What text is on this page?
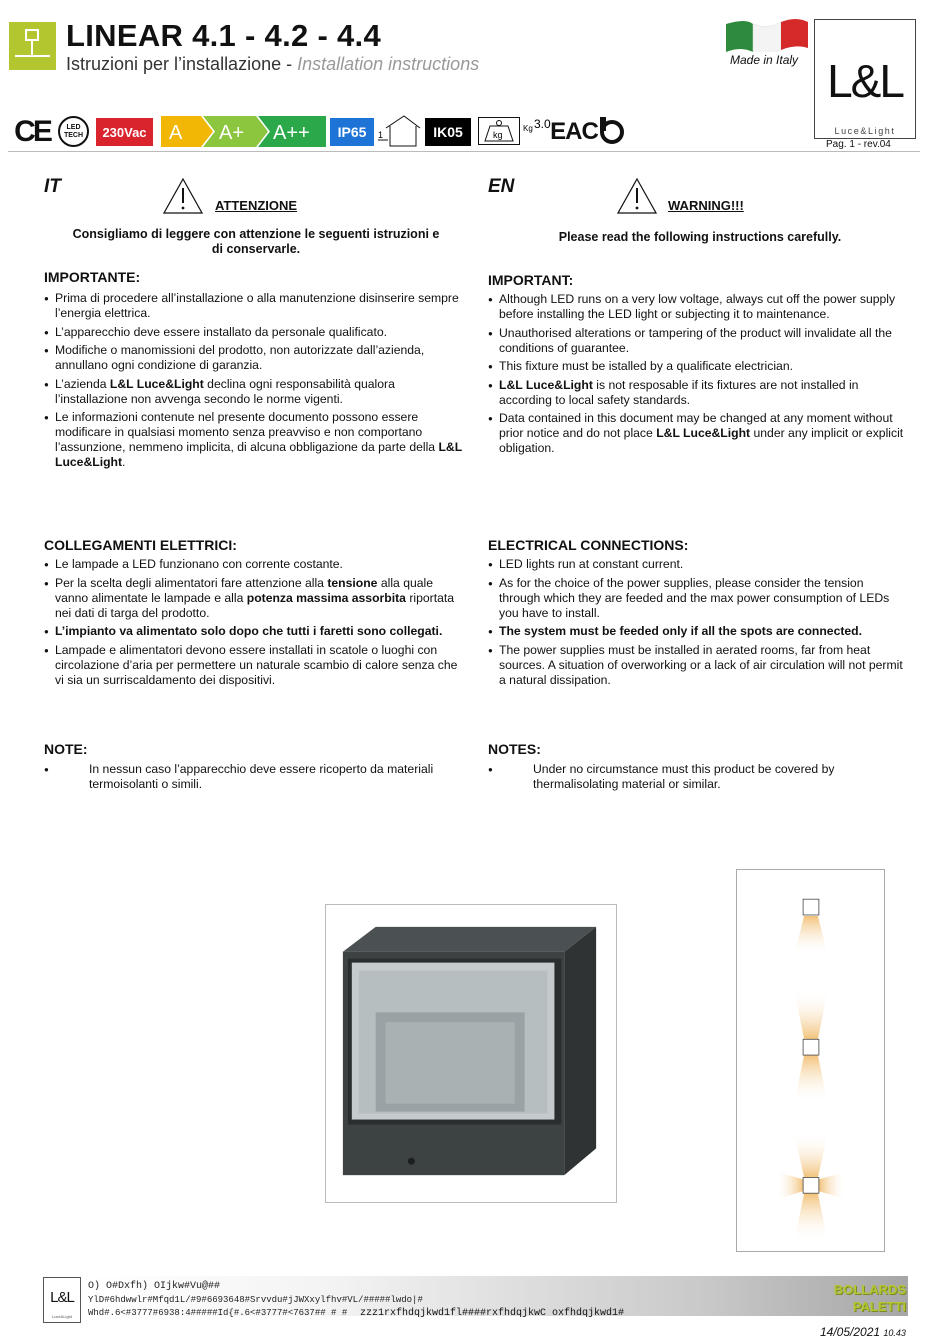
LINEAR 4.1 - 4.2 - 4.4
Istruzioni per l’installazione - Installation instructions	Made in Italy L&L
Luce&Light
Pag. 1 - rev.04
CE	LED
TECH	230Vac	A A+ A++	IP65	1	IK05	kg
Kg 3.0 EAC
IT
ATTENZIONE
Consigliamo di leggere con attenzione le seguenti istruzioni e di conservarle.
IMPORTANTE:
● Prima di procedere all’installazione o alla manutenzione disinserire sempre l’energia elettrica.
● L’apparecchio deve essere installato da personale qualificato.
● Modifiche o manomissioni del prodotto, non autorizzate dall’azienda, annullano ogni condizione di garanzia.
● L’azienda L&L Luce&Light declina ogni responsabilità qualora l’installazione non avvenga secondo le norme vigenti.
● Le informazioni contenute nel presente documento possono essere modificare in qualsiasi momento senza preavviso e non comportano l’assunzione, nemmeno implicita, di alcuna obbligazione da parte della L&L Luce&Light.
COLLEGAMENTI ELETTRICI:
● Le lampade a LED funzionano con corrente costante.
● Per la scelta degli alimentatori fare attenzione alla tensione alla quale vanno alimentate le lampade e alla potenza massima assorbita riportata nei dati di targa del prodotto.
● L’impianto va alimentato solo dopo che tutti i faretti sono collegati.
● Lampade e alimentatori devono essere installati in scatole o luoghi con circolazione d’aria per permettere un naturale scambio di calore senza che vi sia un surriscaldamento dei dispositivi.
NOTE:
● In nessun caso l’apparecchio deve essere ricoperto da materiali termoisolanti o simili.
EN
WARNING!!!
Please read the following instructions carefully.
IMPORTANT:
● Although LED runs on a very low voltage, always cut off the power supply before installing the LED light or subjecting it to maintenance.
● Unauthorised alterations or tampering of the product will invalidate all the conditions of guarantee.
● This fixture must be istalled by a qualificate electrician.
● L&L Luce&Light is not resposable if its fixtures are not installed in according to local safety standards.
● Data contained in this document may be changed at any moment without prior notice and do not place L&L Luce&Light under any implicit or explicit obligation.
ELECTRICAL CONNECTIONS:
● LED lights run at constant current.
● As for the choice of the power supplies, please consider the tension through which they are feeded and the max power consumption of LEDs you have to install.
● The system must be feeded only if all the spots are connected.
● The power supplies must be installed in aerated rooms, far from heat sources. A situation of overworking or a lack of air circulation will not permit a natural dissipation.
NOTES:
● Under no circumstance must this product be covered by thermalisolating material or similar.
L&L
Luce&Light
O) O#Dxfh) OIjkw#Vu@##
YlD#6hdwwlr#Mfqd1L/#9#6693648#Srvvdu#jJWXxylfhv#VL/#####lwdo|#
Whd#.6<#3777#6938:4#####Id{#.6<#3777#<7637## # # zzz1rxfhdqjkwd1fl####rxfhdqjkwC oxfhdqjkwd1#
BOLLARDS
PALETTI
14/05/2021 10.43
